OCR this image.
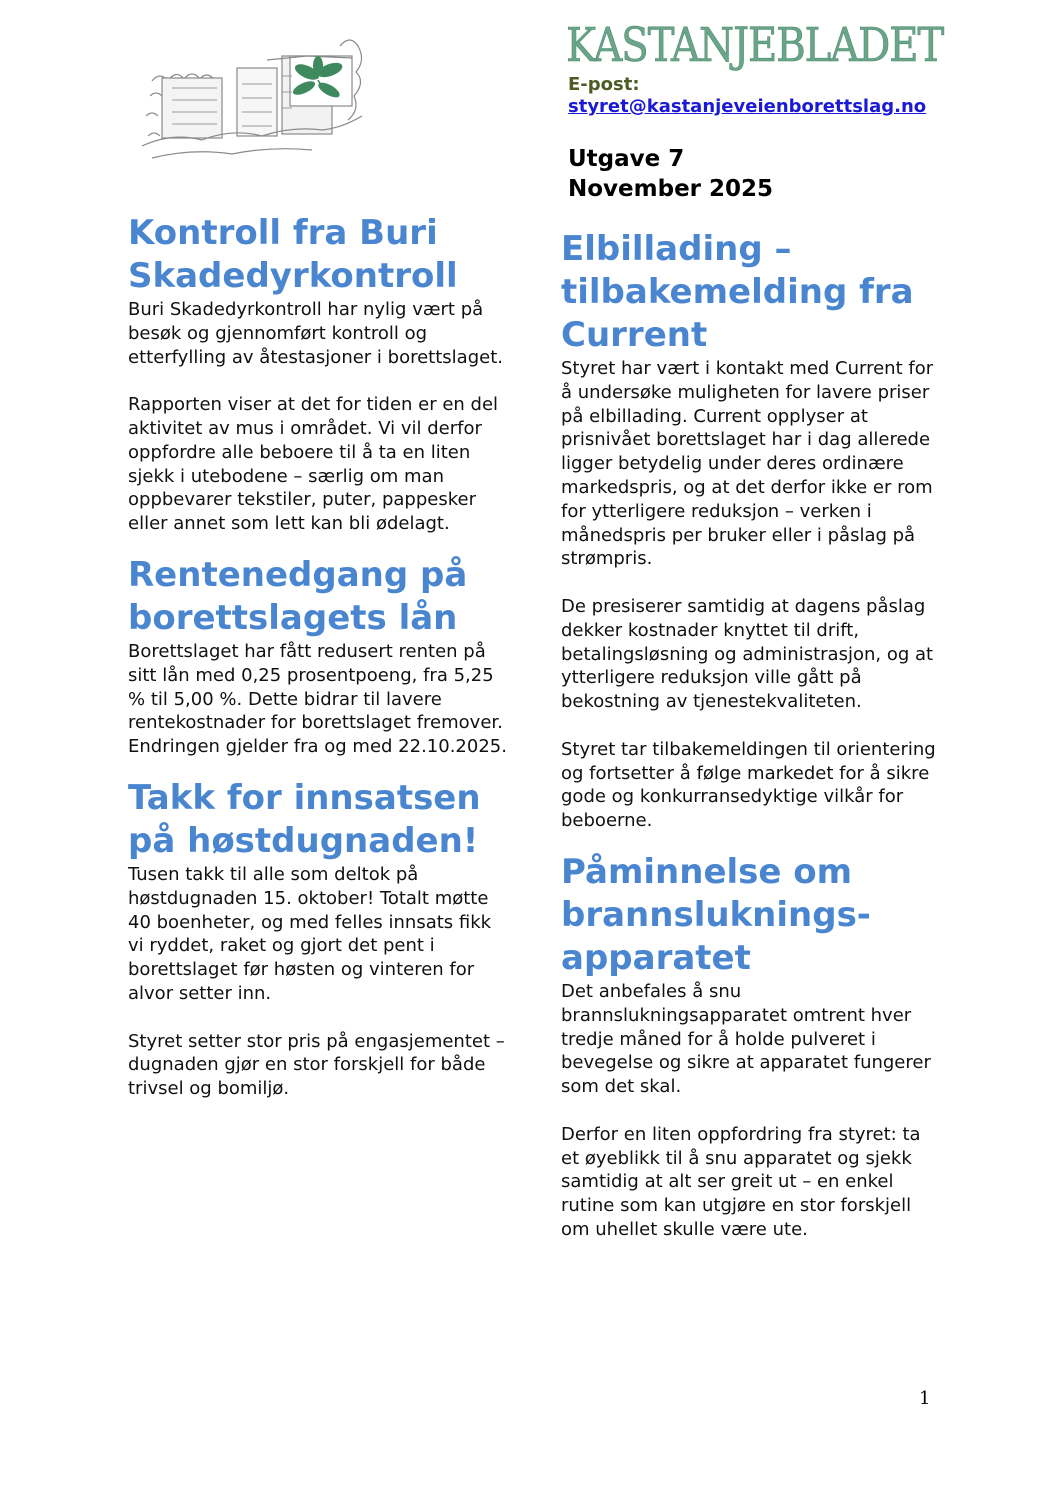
KASTANJEBLADET
E-post:
styret@kastanjeveienborettslag.no
Utgave 7
November 2025
Kontroll fra Buri Skadedyrkontroll

Buri Skadedyrkontroll har nylig vært på besøk og gjennomført kontroll og etterfylling av åtestasjoner i borettslaget.

Rapporten viser at det for tiden er en del aktivitet av mus i området. Vi vil derfor oppfordre alle beboere til å ta en liten sjekk i utebodene – særlig om man oppbevarer tekstiler, puter, pappesker eller annet som lett kan bli ødelagt.

Rentenedgang på borettslagets lån

Borettslaget har fått redusert renten på sitt lån med 0,25 prosentpoeng, fra 5,25 % til 5,00 %. Dette bidrar til lavere rentekostnader for borettslaget fremover. Endringen gjelder fra og med 22.10.2025.

Takk for innsatsen på høstdugnaden!

Tusen takk til alle som deltok på høstdugnaden 15. oktober! Totalt møtte 40 boenheter, og med felles innsats fikk vi ryddet, raket og gjort det pent i borettslaget før høsten og vinteren for alvor setter inn.

Styret setter stor pris på engasjementet – dugnaden gjør en stor forskjell for både trivsel og bomiljø.

Elbillading – tilbakemelding fra Current

Styret har vært i kontakt med Current for å undersøke muligheten for lavere priser på elbillading. Current opplyser at prisnivået borettslaget har i dag allerede ligger betydelig under deres ordinære markedspris, og at det derfor ikke er rom for ytterligere reduksjon – verken i månedspris per bruker eller i påslag på strømpris.

De presiserer samtidig at dagens påslag dekker kostnader knyttet til drift, betalingsløsning og administrasjon, og at ytterligere reduksjon ville gått på bekostning av tjenestekvaliteten.

Styret tar tilbakemeldingen til orientering og fortsetter å følge markedet for å sikre gode og konkurransedyktige vilkår for beboerne.

Påminnelse om brannsluknings-apparatet

Det anbefales å snu brannslukningsapparatet omtrent hver tredje måned for å holde pulveret i bevegelse og sikre at apparatet fungerer som det skal.

Derfor en liten oppfordring fra styret: ta et øyeblikk til å snu apparatet og sjekk samtidig at alt ser greit ut – en enkel rutine som kan utgjøre en stor forskjell om uhellet skulle være ute.

1
